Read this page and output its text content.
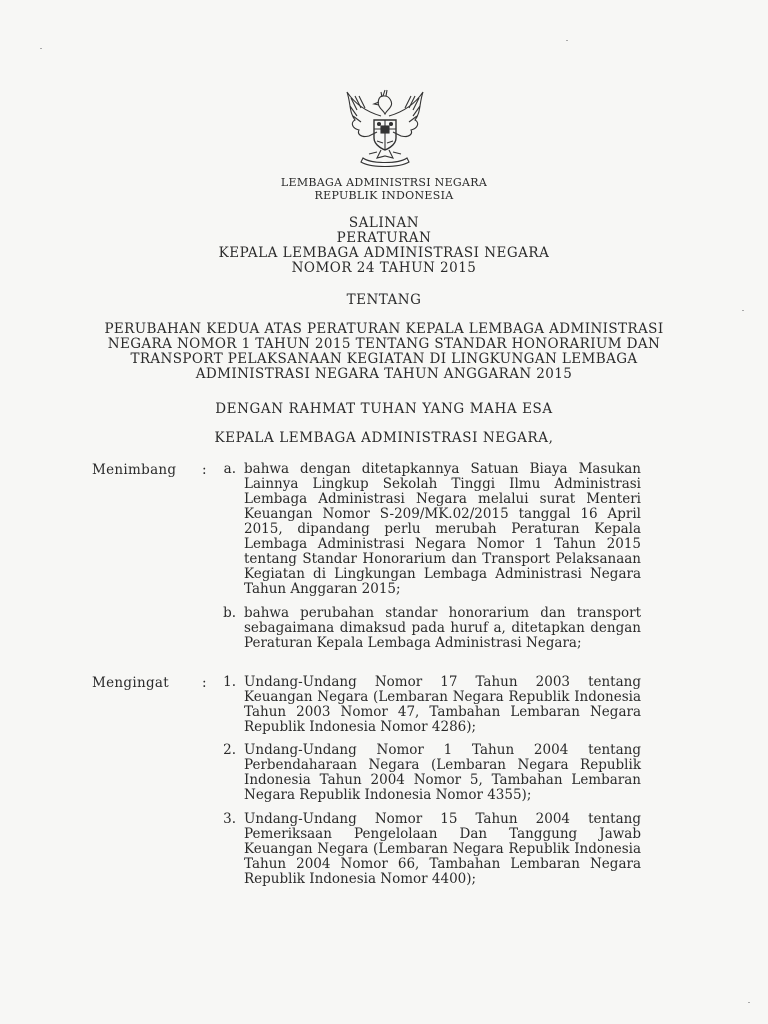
LEMBAGA ADMINISTRSI NEGARA
REPUBLIK INDONESIA
SALINAN
PERATURAN
KEPALA LEMBAGA ADMINISTRASI NEGARA
NOMOR 24 TAHUN 2015
TENTANG
PERUBAHAN KEDUA ATAS PERATURAN KEPALA LEMBAGA ADMINISTRASI
NEGARA NOMOR 1 TAHUN 2015 TENTANG STANDAR HONORARIUM DAN
TRANSPORT PELAKSANAAN KEGIATAN DI LINGKUNGAN LEMBAGA
ADMINISTRASI NEGARA TAHUN ANGGARAN 2015
DENGAN RAHMAT TUHAN YANG MAHA ESA
KEPALA LEMBAGA ADMINISTRASI NEGARA,
Menimbang :	a. bahwa dengan ditetapkannya Satuan Biaya Masukan Lainnya Lingkup Sekolah Tinggi Ilmu Administrasi Lembaga Administrasi Negara melalui surat Menteri Keuangan Nomor S-209/MK.02/2015 tanggal 16 April 2015, dipandang perlu merubah Peraturan Kepala Lembaga Administrasi Negara Nomor 1 Tahun 2015 tentang Standar Honorarium dan Transport Pelaksanaan Kegiatan di Lingkungan Lembaga Administrasi Negara Tahun Anggaran 2015;
b. bahwa perubahan standar honorarium dan transport sebagaimana dimaksud pada huruf a, ditetapkan dengan Peraturan Kepala Lembaga Administrasi Negara;
Mengingat :	1. Undang-Undang Nomor 17 Tahun 2003 tentang Keuangan Negara (Lembaran Negara Republik Indonesia Tahun 2003 Nomor 47, Tambahan Lembaran Negara Republik Indonesia Nomor 4286);
2. Undang-Undang Nomor 1 Tahun 2004 tentang Perbendaharaan Negara (Lembaran Negara Republik Indonesia Tahun 2004 Nomor 5, Tambahan Lembaran Negara Republik Indonesia Nomor 4355);
3. Undang-Undang Nomor 15 Tahun 2004 tentang Pemeriksaan Pengelolaan Dan Tanggung Jawab Keuangan Negara (Lembaran Negara Republik Indonesia Tahun 2004 Nomor 66, Tambahan Lembaran Negara Republik Indonesia Nomor 4400);
